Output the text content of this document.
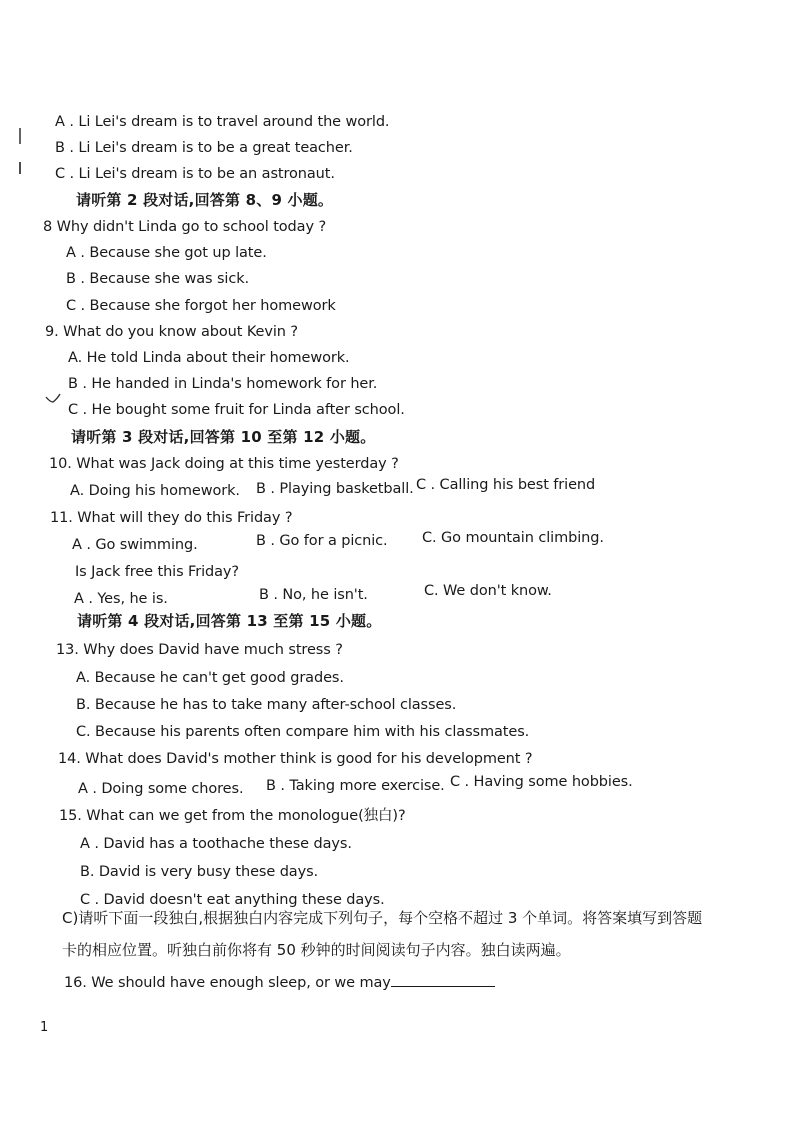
A . Li Lei's dream is to travel around the world.
B . Li Lei's dream is to be a great teacher.
C . Li Lei's dream is to be an astronaut.
请听第 2 段对话,回答第 8、9 小题。
8 Why didn't Linda go to school today ?
A . Because she got up late.
B . Because she was sick.
C . Because she forgot her homework
9. What do you know about Kevin ?
A. He told Linda about their homework.
B . He handed in Linda's homework for her.
C . He bought some fruit for Linda after school.
请听第 3 段对话,回答第 10 至第 12 小题。
10. What was Jack doing at this time yesterday ?
A. Doing his homework. B . Playing basketball. C . Calling his best friend
11. What will they do this Friday ?
A . Go swimming.	B . Go for a picnic. C. Go mountain climbing.
Is Jack free this Friday?
A . Yes, he is.	B . No, he isn't.	C. We don't know.
请听第 4 段对话,回答第 13 至第 15 小题。
13. Why does David have much stress ?
A. Because he can't get good grades.
B. Because he has to take many after-school classes.
C. Because his parents often compare him with his classmates.
14. What does David's mother think is good for his development ?
A . Doing some chores. B . Taking more exercise. C . Having some hobbies.
15. What can we get from the monologue(独白)?
A . David has a toothache these days.
B. David is very busy these days.
C . David doesn't eat anything these days.
C)请听下面一段独白,根据独白内容完成下列句子，每个空格不超过 3 个单词。将答案填写到答题
卡的相应位置。听独白前你将有 50 秒钟的时间阅读句子内容。独白读两遍。
16. We should have enough sleep, or we may
1
